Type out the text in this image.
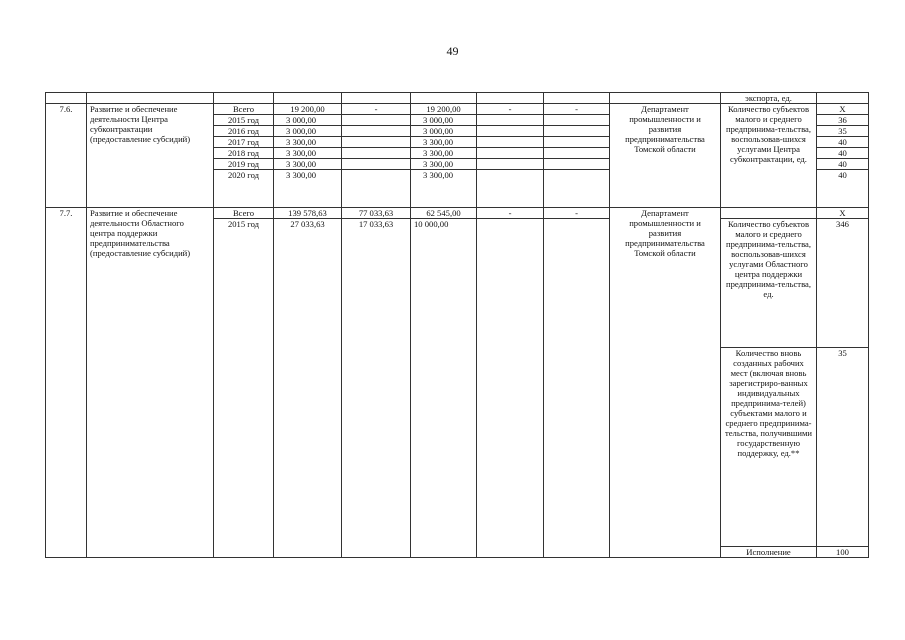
49
									экспорта, ед.	
7.6.	Развитие и обеспечение деятельности Центра субконтрактации (предоставление субсидий)	Всего	19 200,00	-	19 200,00	-	-	Департамент промышленности и развития предпринимательства Томской области	Количество субъектов малого и среднего предпринима-тельства, воспользовав-шихся услугами Центра субконтрактации, ед.	X
		2015 год	3 000,00		3 000,00					36
		2016 год	3 000,00		3 000,00					35
		2017 год	3 300,00		3 300,00					40
		2018 год	3 300,00		3 300,00					40
		2019 год	3 300,00		3 300,00					40
		2020 год	3 300,00		3 300,00					40
7.7.	Развитие и обеспечение деятельности Областного центра поддержки предпринимательства (предоставление субсидий)	Всего	139 578,63	77 033,63	62 545,00	-	-	Департамент промышленности и развития предпринимательства Томской области		X
		2015 год	27 033,63	17 033,63	10 000,00				Количество субъектов малого и среднего предпринима-тельства, воспользовав-шихся услугами Областного центра поддержки предпринима-тельства, ед.	346
									Количество вновь созданных рабочих мест (включая вновь зарегистриро-ванных индивидуальных предпринима-телей) субъектами малого и среднего предпринима-тельства, получившими государственную поддержку, ед.**	35
									Исполнение	100
